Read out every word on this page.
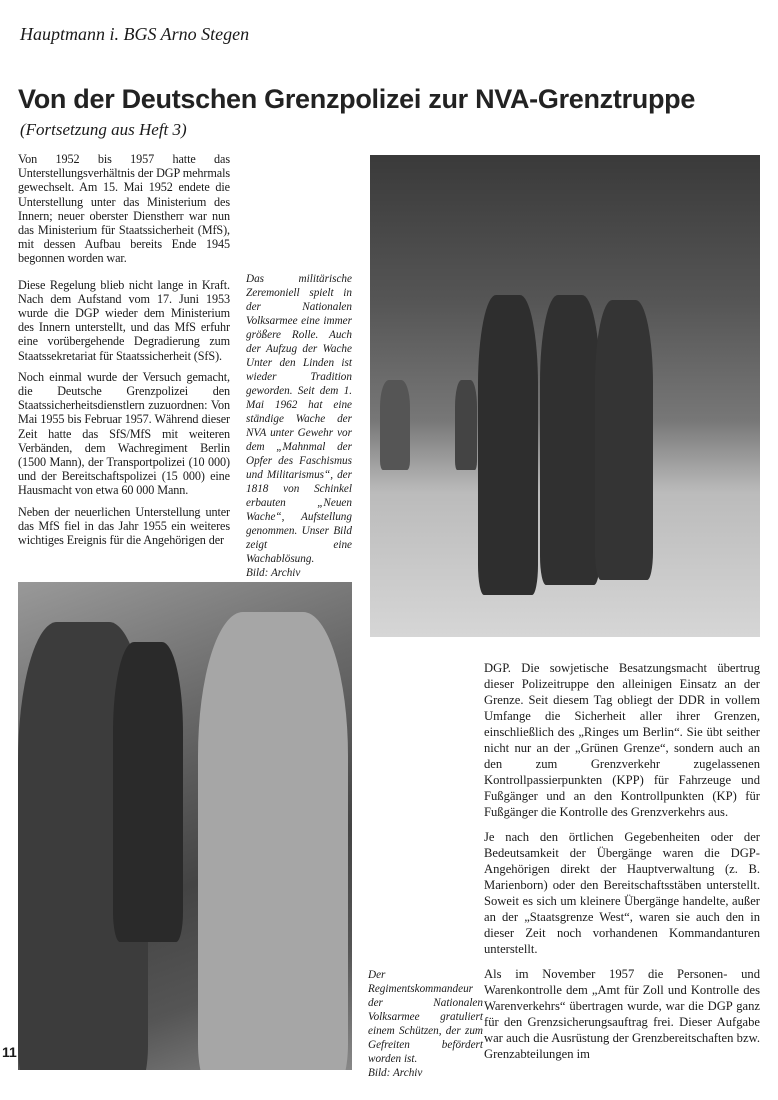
Hauptmann i. BGS Arno Stegen
Von der Deutschen Grenzpolizei zur NVA-Grenztruppe
(Fortsetzung aus Heft 3)

Von 1952 bis 1957 hatte das Unterstellungsverhältnis der DGP mehrmals gewechselt. Am 15. Mai 1952 endete die Unterstellung unter das Ministerium des Innern; neuer oberster Dienstherr war nun das Ministerium für Staatssicherheit (MfS), mit dessen Aufbau bereits Ende 1945 begonnen worden war.

Diese Regelung blieb nicht lange in Kraft. Nach dem Aufstand vom 17. Juni 1953 wurde die DGP wieder dem Ministerium des Innern unterstellt, und das MfS erfuhr eine vorübergehende Degradierung zum Staatssekretariat für Staatssicherheit (SfS).

Noch einmal wurde der Versuch gemacht, die Deutsche Grenzpolizei den Staatssicherheitsdienstlern zuzuordnen: Von Mai 1955 bis Februar 1957. Während dieser Zeit hatte das SfS/MfS mit weiteren Verbänden, dem Wachregiment Berlin (1500 Mann), der Transportpolizei (10 000) und der Bereitschaftspolizei (15 000) eine Hausmacht von etwa 60 000 Mann.

Neben der neuerlichen Unterstellung unter das MfS fiel in das Jahr 1955 ein weiteres wichtiges Ereignis für die Angehörigen der

Das militärische Zeremoniell spielt in der Nationalen Volksarmee eine immer größere Rolle. Auch der Aufzug der Wache Unter den Linden ist wieder Tradition geworden. Seit dem 1. Mai 1962 hat eine ständige Wache der NVA unter Gewehr vor dem „Mahnmal der Opfer des Faschismus und Militarismus“, der 1818 von Schinkel erbauten „Neuen Wache“, Aufstellung genommen. Unser Bild zeigt eine Wachablösung.
Bild: Archiv
Der Regimentskommandeur der Nationalen Volksarmee gratuliert einem Schützen, der zum Gefreiten befördert worden ist.
Bild: Archiv

DGP. Die sowjetische Besatzungsmacht übertrug dieser Polizeitruppe den alleinigen Einsatz an der Grenze. Seit diesem Tag obliegt der DDR in vollem Umfange die Sicherheit aller ihrer Grenzen, einschließlich des „Ringes um Berlin“. Sie übt seither nicht nur an der „Grünen Grenze“, sondern auch an den zum Grenzverkehr zugelassenen Kontrollpassierpunkten (KPP) für Fahrzeuge und Fußgänger und an den Kontrollpunkten (KP) für Fußgänger die Kontrolle des Grenzverkehrs aus.

Je nach den örtlichen Gegebenheiten oder der Bedeutsamkeit der Übergänge waren die DGP-Angehörigen direkt der Hauptverwaltung (z. B. Marienborn) oder den Bereitschaftsstäben unterstellt. Soweit es sich um kleinere Übergänge handelte, außer an der „Staatsgrenze West“, waren sie auch den in dieser Zeit noch vorhandenen Kommandanturen unterstellt.

Als im November 1957 die Personen- und Warenkontrolle dem „Amt für Zoll und Kontrolle des Warenverkehrs“ übertragen wurde, war die DGP ganz für den Grenzsicherungsauftrag frei. Dieser Aufgabe war auch die Ausrüstung der Grenzbereitschaften bzw. Grenzabteilungen im

11
